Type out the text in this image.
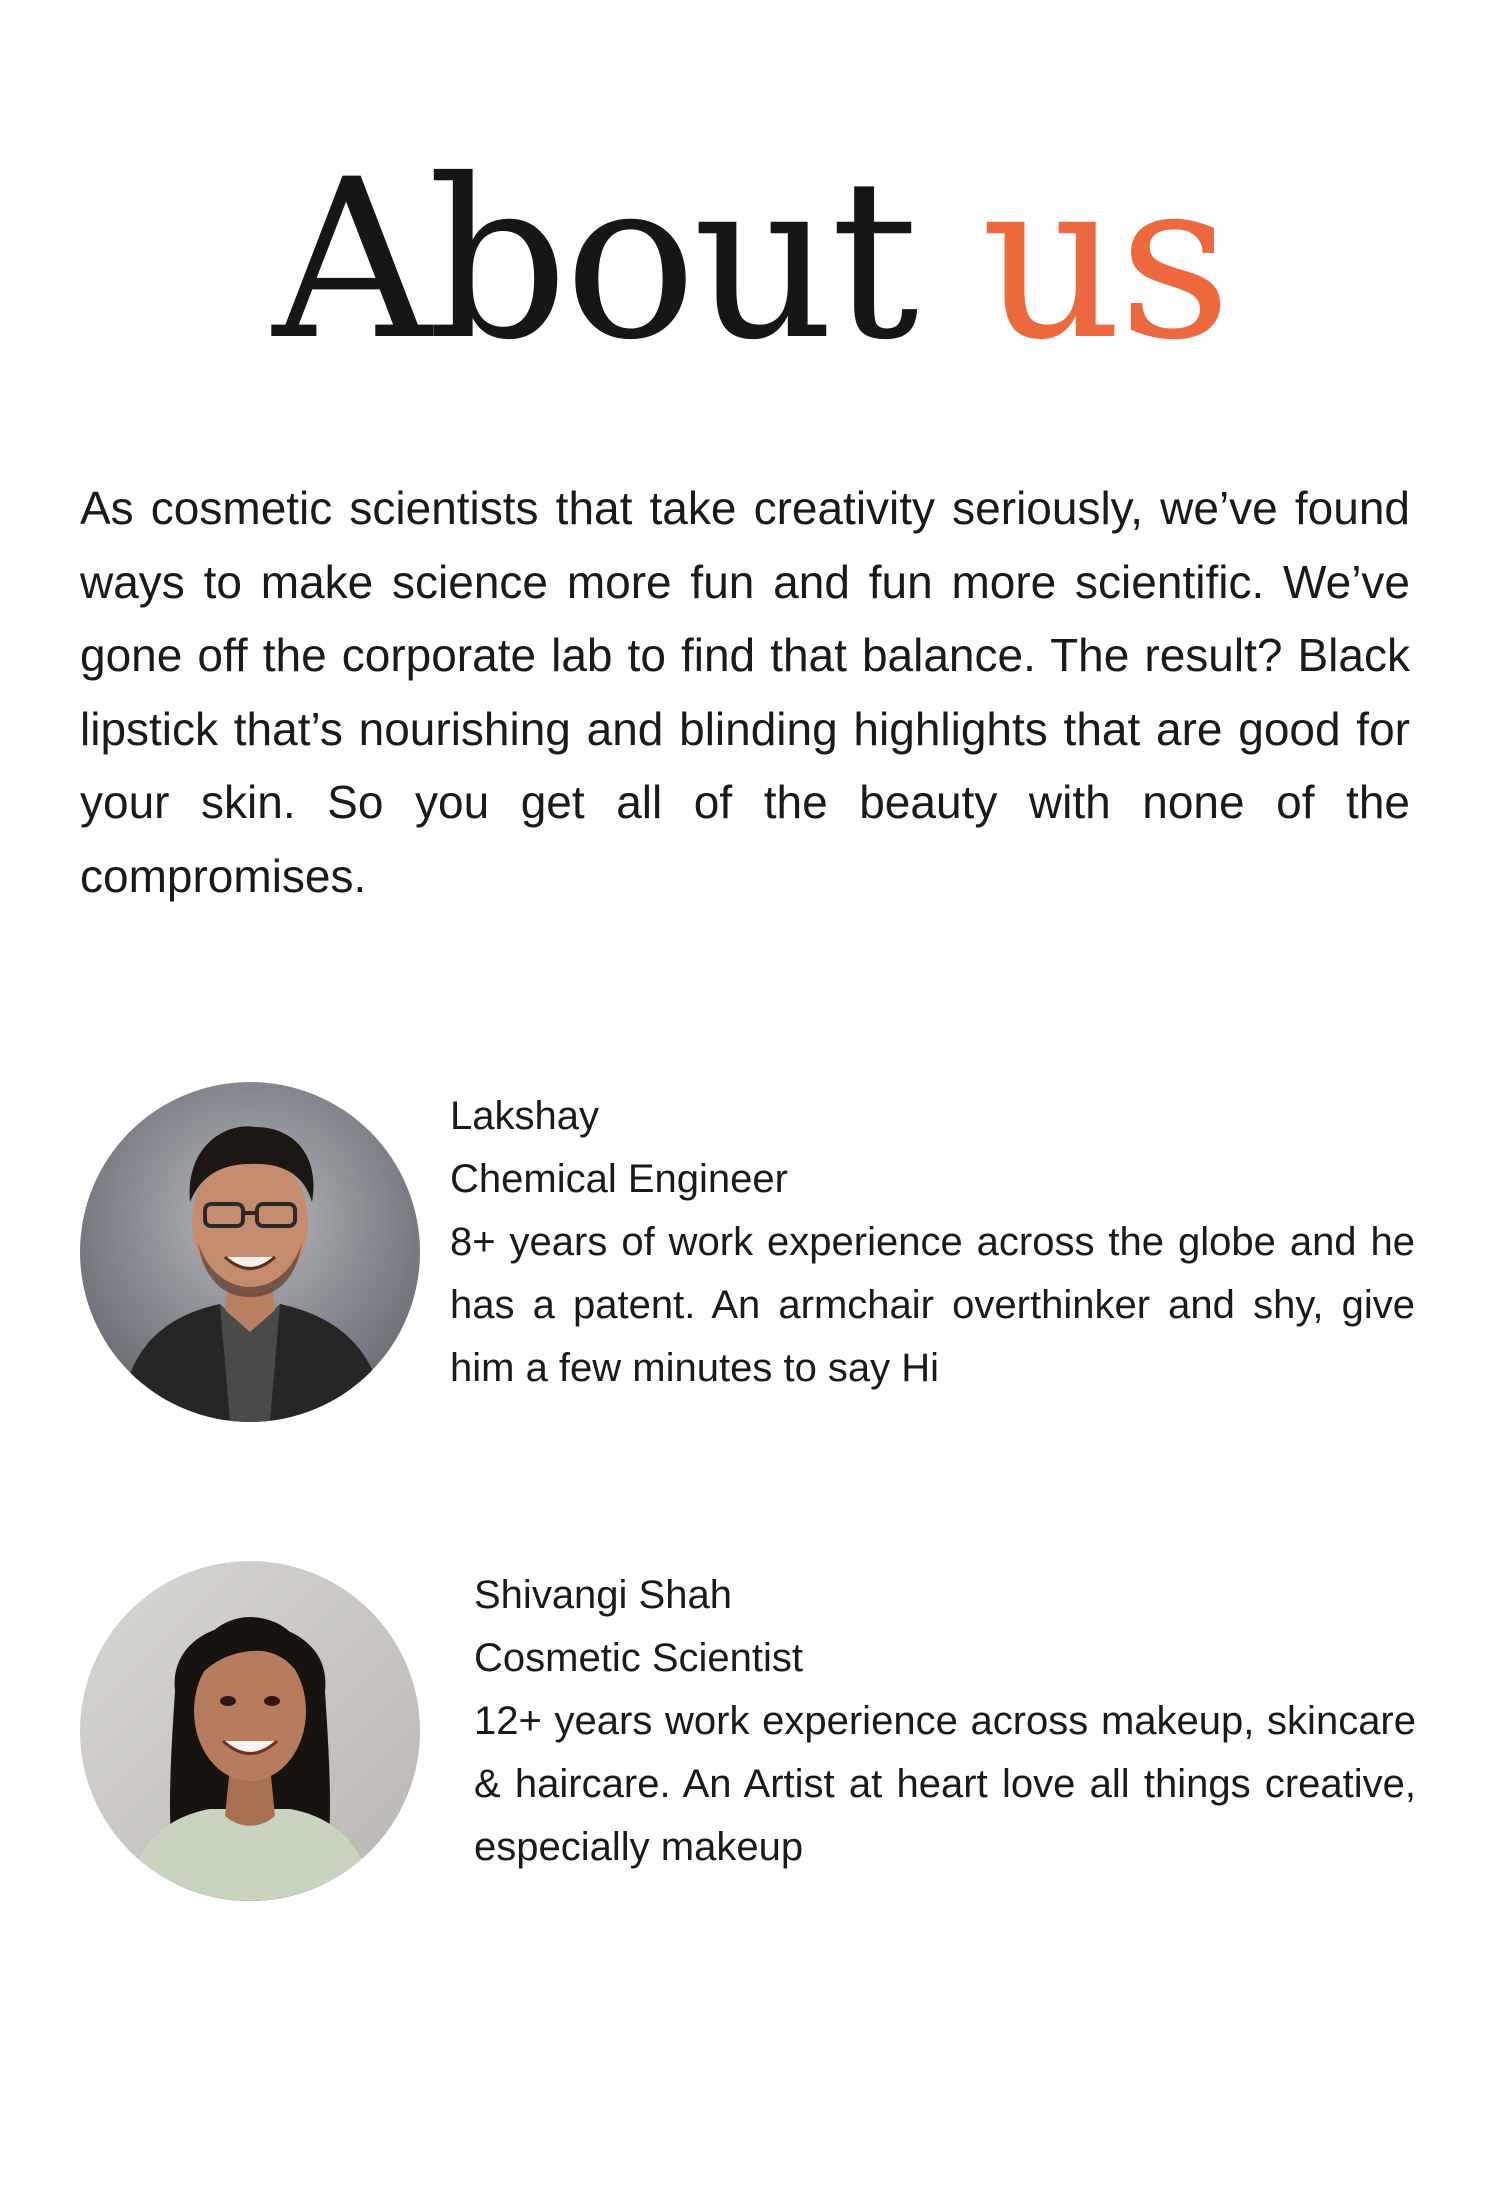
About us

As cosmetic scientists that take creativity seriously, we’ve found ways to make science more fun and fun more scientific. We’ve gone off the corporate lab to find that balance. The result? Black lipstick that’s nourishing and blinding highlights that are good for your skin. So you get all of the beauty with none of the compromises.

Lakshay
Chemical Engineer
8+ years of work experience across the globe and he has a patent. An armchair overthinker and shy, give him a few minutes to say Hi
Shivangi Shah
Cosmetic Scientist
12+ years work experience across makeup, skincare & haircare. An Artist at heart love all things creative, especially makeup
